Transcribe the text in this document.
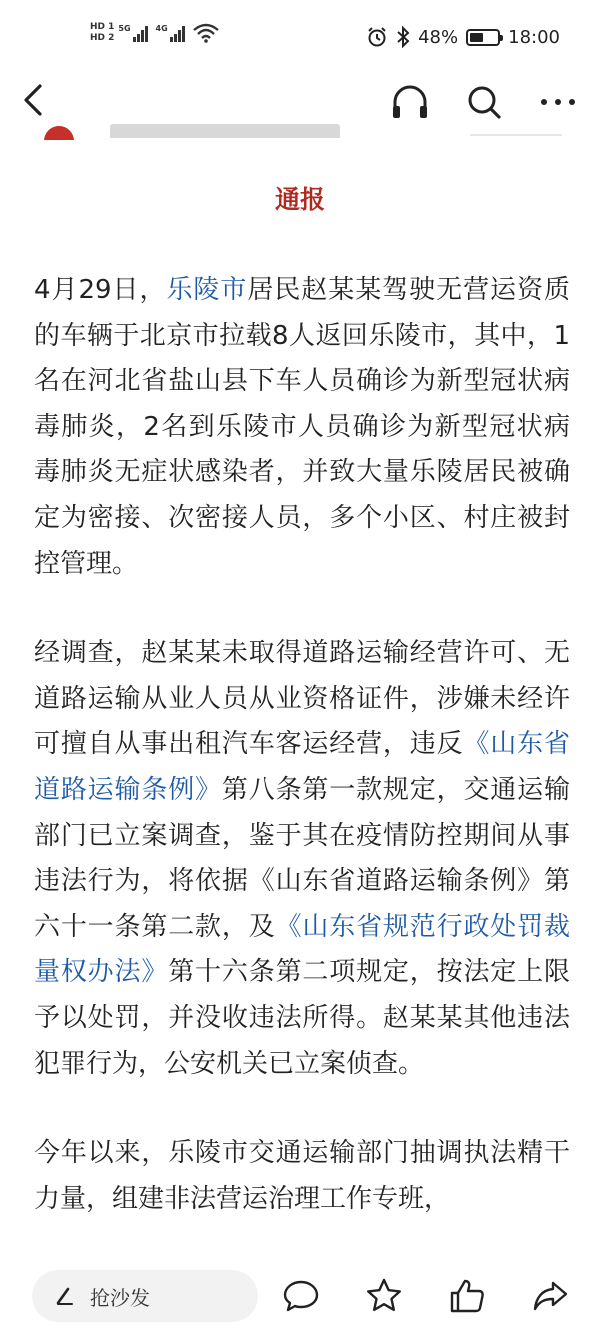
HD 1
HD 2
5G	4G	48%	18:00
通报

4月29日，乐陵市居民赵某某驾驶无营运资质的车辆于北京市拉载8人返回乐陵市，其中，1名在河北省盐山县下车人员确诊为新型冠状病毒肺炎，2名到乐陵市人员确诊为新型冠状病毒肺炎无症状感染者，并致大量乐陵居民被确定为密接、次密接人员，多个小区、村庄被封控管理。

经调查，赵某某未取得道路运输经营许可、无道路运输从业人员从业资格证件，涉嫌未经许可擅自从事出租汽车客运经营，违反《山东省道路运输条例》第八条第一款规定，交通运输部门已立案调查，鉴于其在疫情防控期间从事违法行为，将依据《山东省道路运输条例》第六十一条第二款，及《山东省规范行政处罚裁量权办法》第十六条第二项规定，按法定上限予以处罚，并没收违法所得。赵某某其他违法犯罪行为，公安机关已立案侦查。

今年以来，乐陵市交通运输部门抽调执法精干力量，组建非法营运治理工作专班，

抢沙发
